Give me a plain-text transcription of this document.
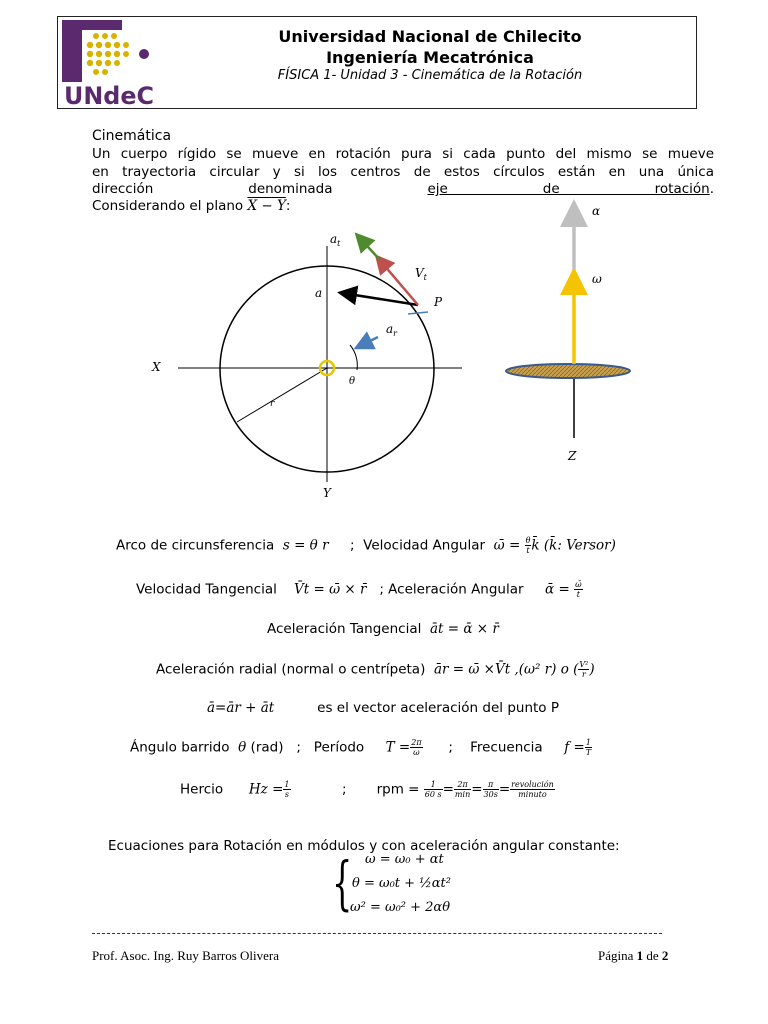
UNdeC
Universidad Nacional de Chilecito
Ingeniería Mecatrónica
FÍSICA 1- Unidad 3 - Cinemática de la Rotación
Cinemática
Un cuerpo rígido se mueve en rotación pura si cada punto del mismo se mueve
en trayectoria circular y si los centros de estos círculos están en una única
dirección denominada eje de rotación.
Considerando el plano X − Y:
$a_t$
$V_t$
a
P
$a_r$
X
Y
θ
r
α
ω
Z
Arco de circunsferencia s = θ r ; Velocidad Angular ω̄ = $\frac{\theta}{t}$ k̄ (k̄: Versor)
Velocidad Tangencial V̄t = ω̄ × r̄ ; Aceleración Angular ᾱ = $\frac{\omegā}{t}$
Aceleración Tangencial āt = ᾱ × r̄
Aceleración radial (normal o centrípeta) ār = ω̄ ×V̄t ,(ω² r) o ( $\frac{\text{V²}}{r}$ )
ā=ār + āt	es el vector aceleración del punto P
Ángulo barrido θ (rad) ; Período $T = \frac{2\pi}{\omega}$ ; Frecuencia $f = \frac{1}{T}$
Hercio $Hz = \frac{1}{s}$	; rpm = $\frac{1}{60 s} = \frac{2\pi}{\min} = \frac{\pi}{30s} = \frac{\text{revolución}}{\text{minuto}}$
Ecuaciones para Rotación en módulos y con aceleración angular constante:
{ ω = ω₀ + αt
θ = ω₀t + ½αt²
ω² = ω₀² + 2αθ
Prof. Asoc. Ing. Ruy Barros Olivera	Página 1 de 2
